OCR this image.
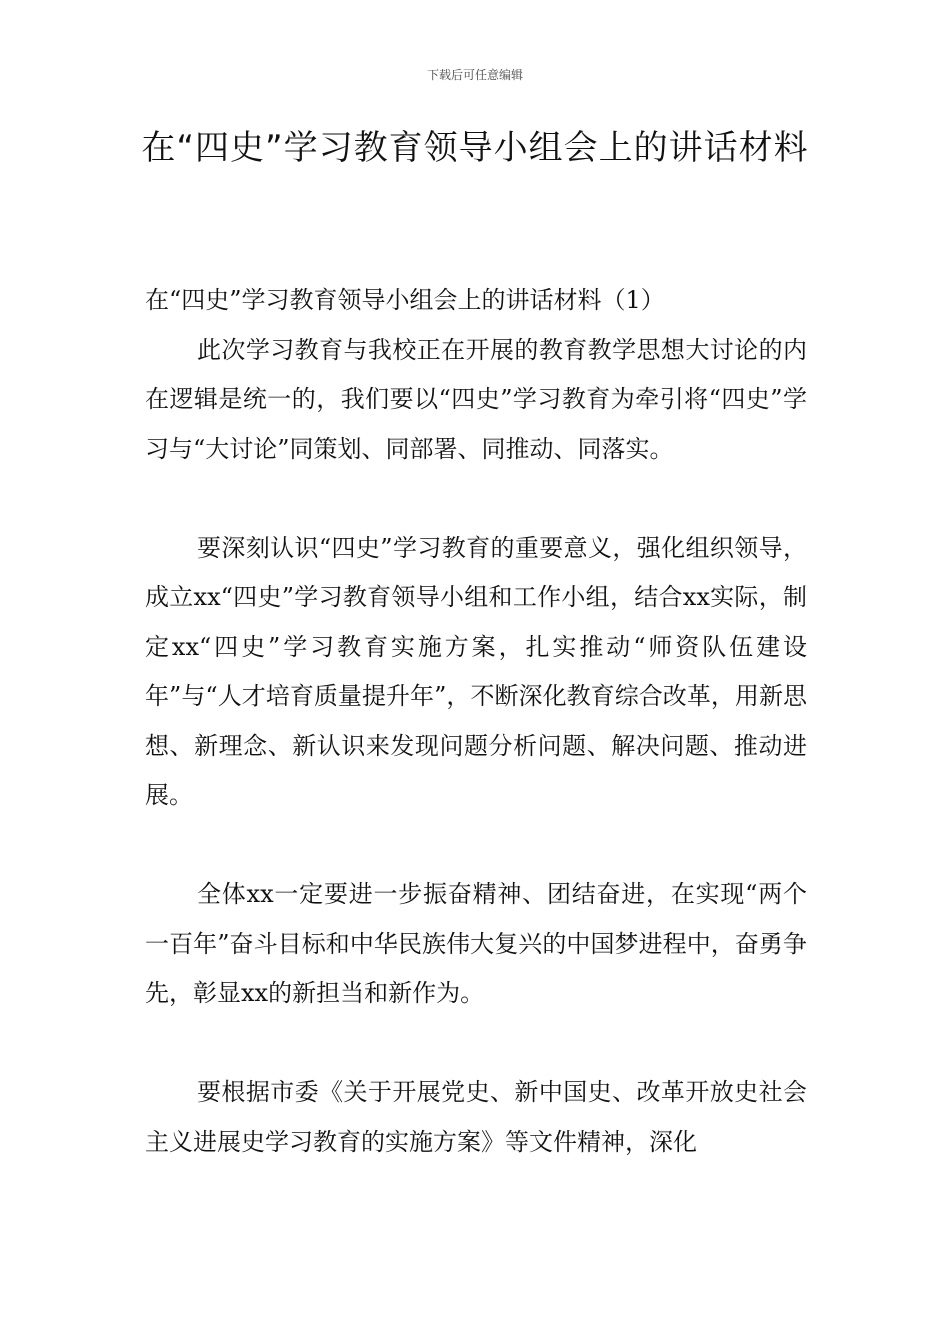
下载后可任意编辑
在“四史”学习教育领导小组会上的讲话材料

在“四史”学习教育领导小组会上的讲话材料（1）

此次学习教育与我校正在开展的教育教学思想大讨论的内在逻辑是统一的，我们要以“四史”学习教育为牵引将“四史”学习与“大讨论”同策划、同部署、同推动、同落实。

要深刻认识“四史”学习教育的重要意义，强化组织领导，成立xx“四史”学习教育领导小组和工作小组，结合xx实际，制定xx“四史”学习教育实施方案，扎实推动“师资队伍建设年”与“人才培育质量提升年”，不断深化教育综合改革，用新思想、新理念、新认识来发现问题分析问题、解决问题、推动进展。

全体xx一定要进一步振奋精神、团结奋进，在实现“两个一百年”奋斗目标和中华民族伟大复兴的中国梦进程中，奋勇争先，彰显xx的新担当和新作为。

要根据市委《关于开展党史、新中国史、改革开放史社会主义进展史学习教育的实施方案》等文件精神，深化
